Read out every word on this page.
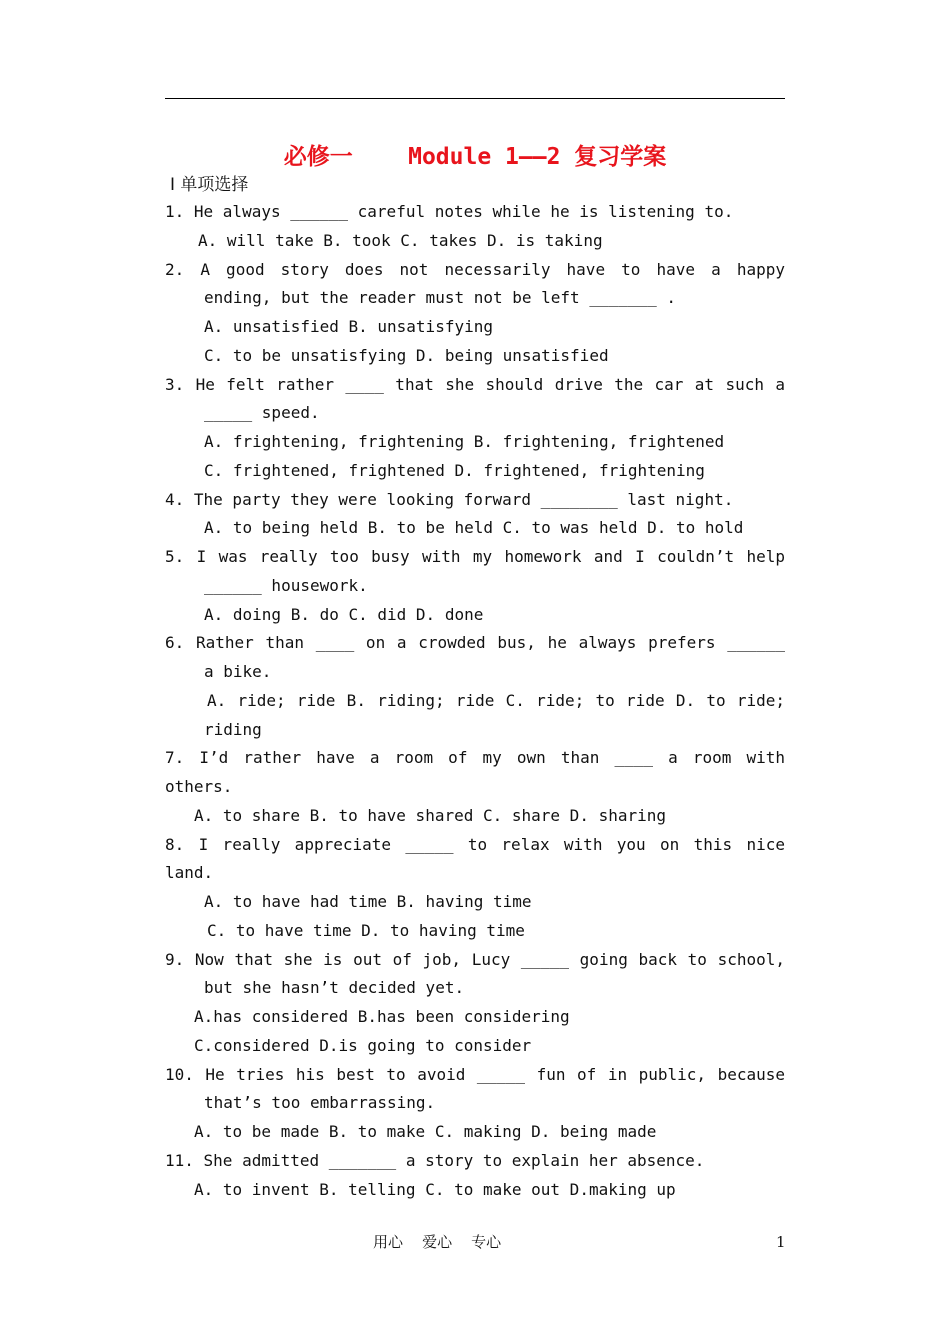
必修一    Module 1——2 复习学案
Ⅰ 单项选择
1. He always ______ careful notes while he is listening to.
A. will take B. took C. takes D. is taking
2. A good story does not necessarily have to have a happy
ending, but the reader must not be left _______ .
A. unsatisfied B. unsatisfying
C. to be unsatisfying D. being unsatisfied
3. He felt rather ____ that she should drive the car at such a
_____ speed.
A. frightening, frightening B. frightening, frightened
C. frightened, frightened D. frightened, frightening
4. The party they were looking forward ________ last night.
A. to being held B. to be held C. to was held D. to hold
5. I was really too busy with my homework and I couldn’t help
______ housework.
A. doing B. do C. did D. done
6. Rather than ____ on a crowded bus, he always prefers ______
a bike.
A. ride; ride B. riding; ride C. ride; to ride D. to ride;
riding
7. I’d rather have a room of my own than ____ a room with
others.
A. to share B. to have shared C. share D. sharing
8. I really appreciate _____ to relax with you on this nice
land.
A. to have had time B. having time
C. to have time D. to having time
9. Now that she is out of job, Lucy _____ going back to school,
but she hasn’t decided yet.
A.has considered B.has been considering
C.considered D.is going to consider
10. He tries his best to avoid _____ fun of in public, because
that’s too embarrassing.
A. to be made B. to make C. making D. being made
11. She admitted _______ a story to explain her absence.
A. to invent B. telling C. to make out D.making up
用心    爱心    专心	1
